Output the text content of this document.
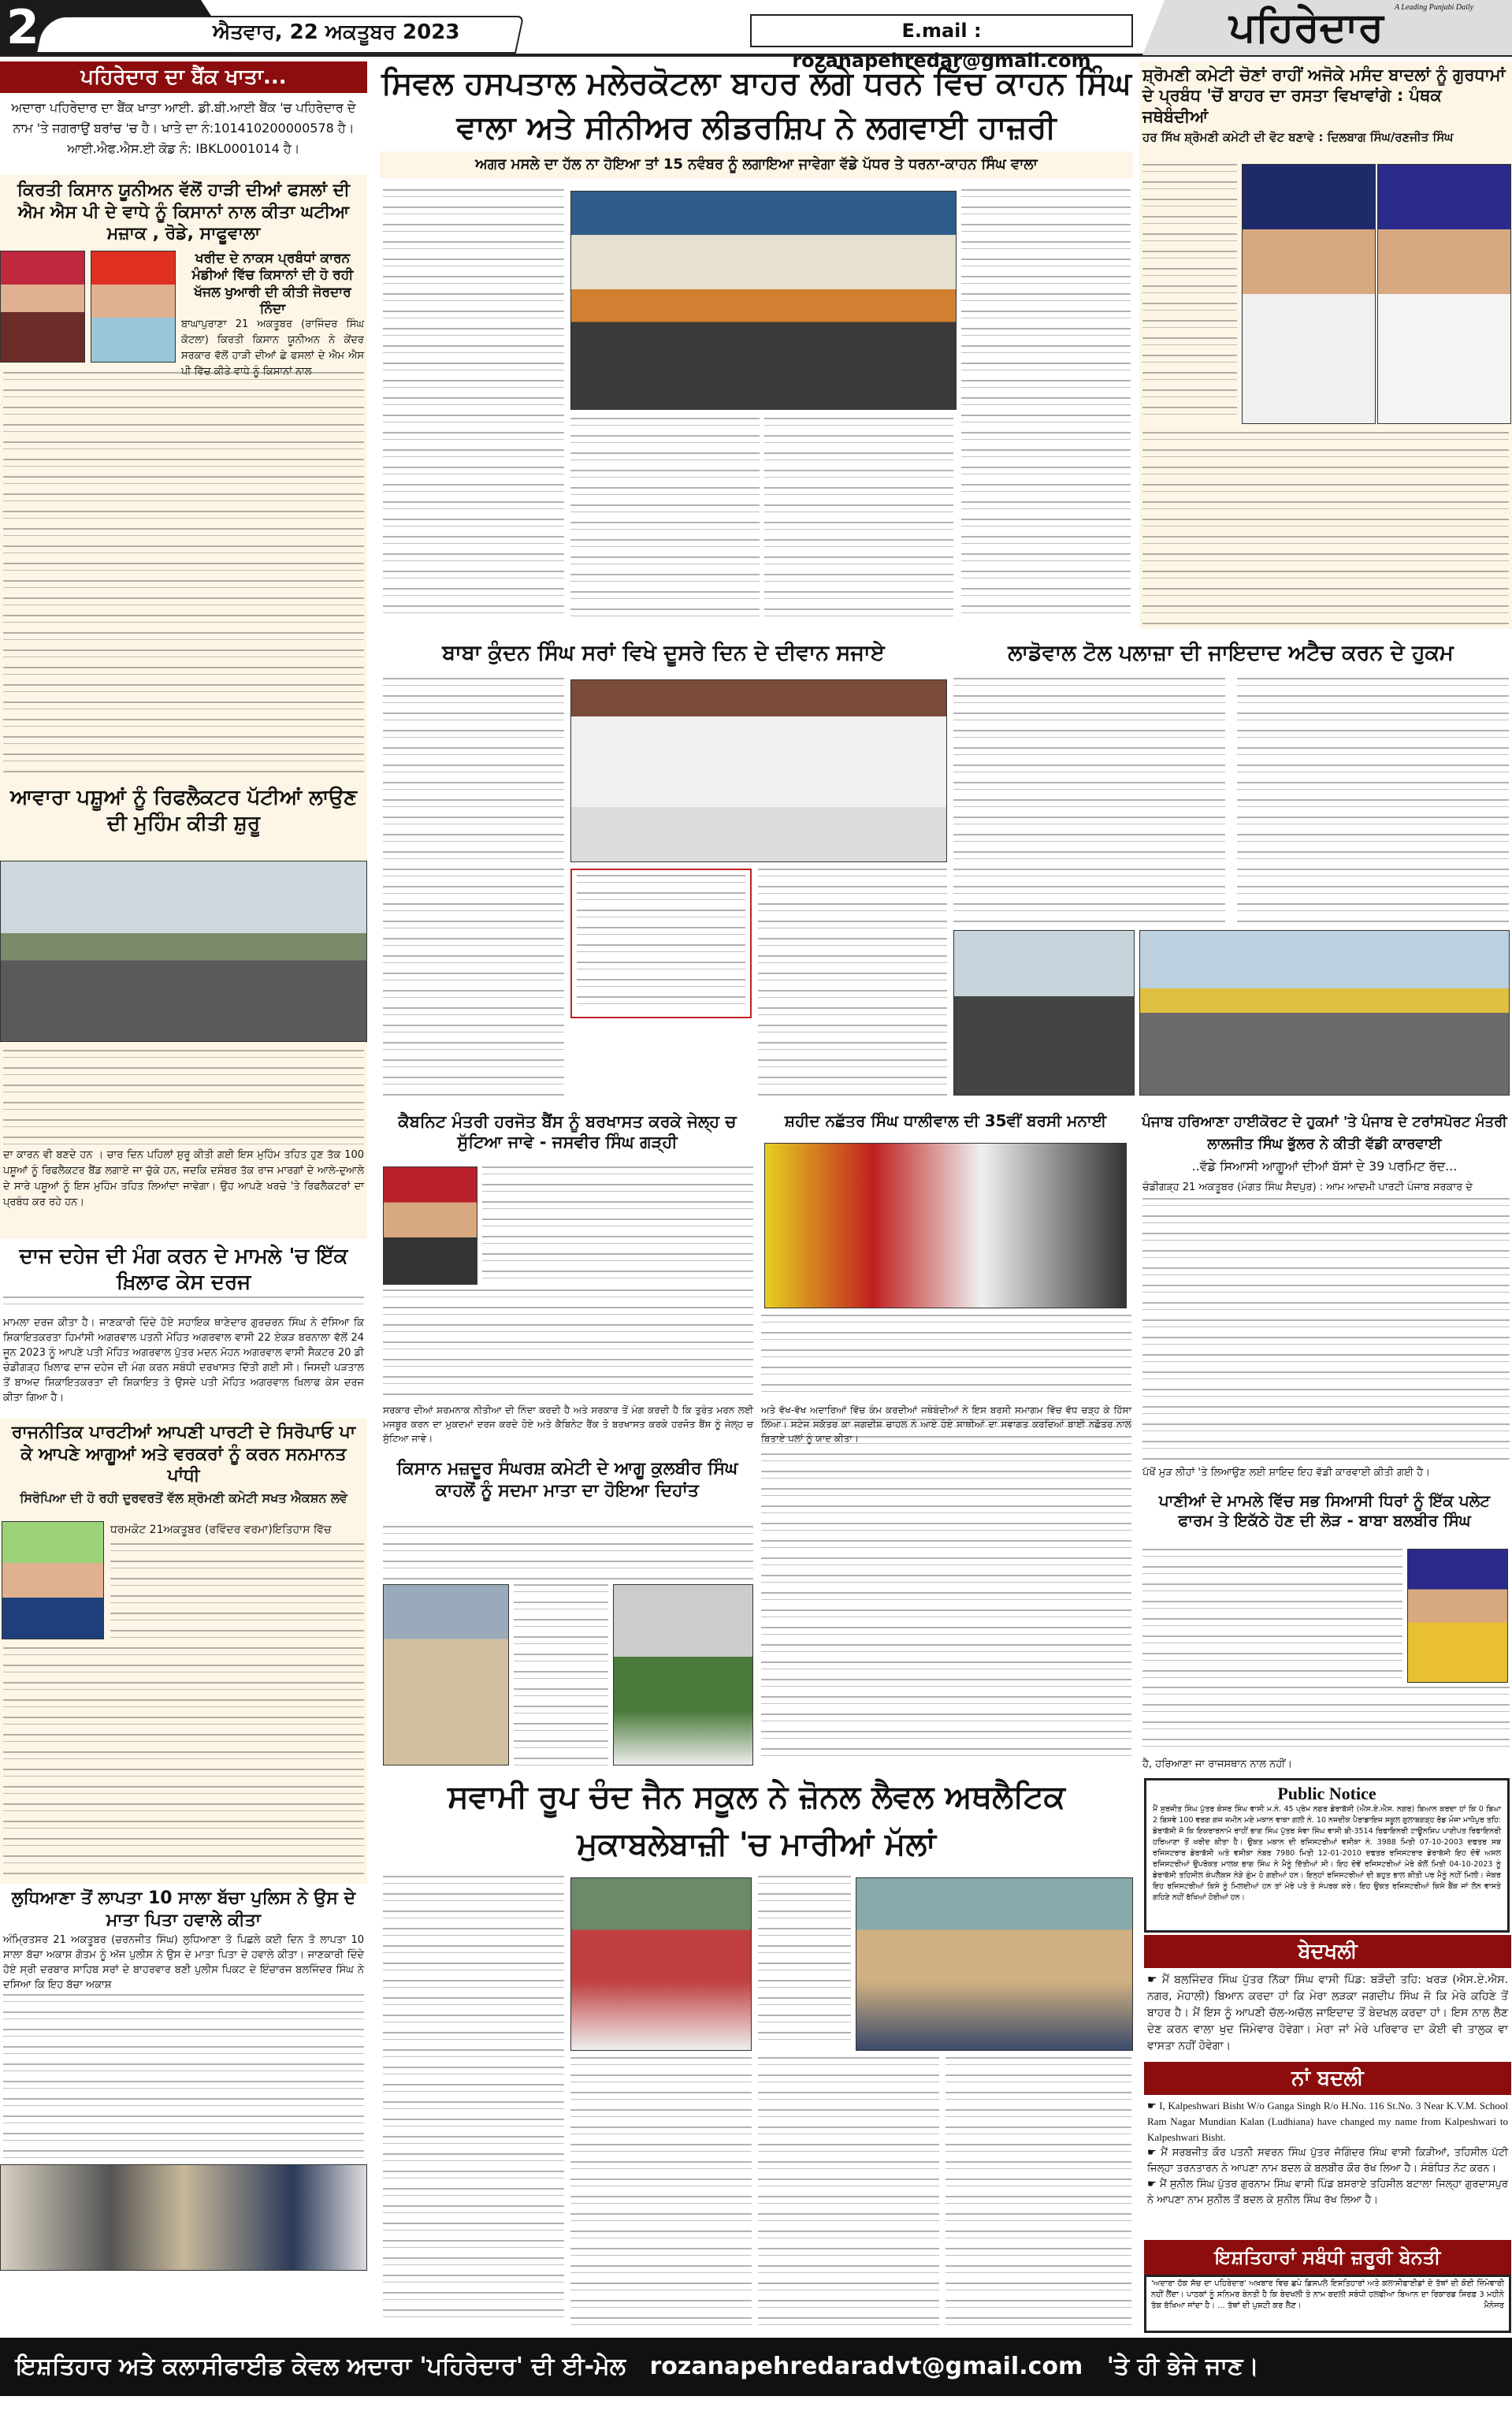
2	ਐਤਵਾਰ, 22 ਅਕਤੂਬਰ 2023	E.mail : rozanapehredar@gmail.com
ਪਹਿਰੇਦਾਰ A Leading Punjabi Daily
ਪਹਿਰੇਦਾਰ ਦਾ ਬੈਂਕ ਖਾਤਾ...
ਅਦਾਰਾ ਪਹਿਰੇਦਾਰ ਦਾ ਬੈਂਕ ਖਾਤਾ ਆਈ. ਡੀ.ਬੀ.ਆਈ ਬੈਂਕ 'ਚ ਪਹਿਰੇਦਾਰ ਦੇ ਨਾਮ 'ਤੇ ਜਗਰਾਉਂ ਬਰਾਂਚ 'ਚ ਹੈ। ਖਾਤੇ ਦਾ ਨੰ:101410200000578 ਹੈ। ਆਈ.ਐਫ.ਐਸ.ਈ ਕੋਡ ਨੰ: IBKL0001014 ਹੈ।
ਕਿਰਤੀ ਕਿਸਾਨ ਯੂਨੀਅਨ ਵੱਲੋਂ ਹਾੜੀ ਦੀਆਂ ਫਸਲਾਂ ਦੀ ਐਮ ਐਸ ਪੀ ਦੇ ਵਾਧੇ ਨੂੰ ਕਿਸਾਨਾਂ ਨਾਲ ਕੀਤਾ ਘਟੀਆ ਮਜ਼ਾਕ , ਰੋਡੇ, ਸਾਫੂਵਾਲਾ
ਖਰੀਦ ਦੇ ਨਾਕਸ ਪ੍ਰਬੰਧਾਂ ਕਾਰਨ ਮੰਡੀਆਂ ਵਿੱਚ ਕਿਸਾਨਾਂ ਦੀ ਹੋ ਰਹੀ ਖੱਜਲ ਖੁਆਰੀ ਦੀ ਕੀਤੀ ਜੋਰਦਾਰ ਨਿੰਦਾ
ਬਾਘਾਪੁਰਾਣਾ 21 ਅਕਤੂਬਰ (ਰਾਜਿੰਦਰ ਸਿੰਘ ਕੋਟਲਾ) ਕਿਰਤੀ ਕਿਸਾਨ ਯੂਨੀਅਨ ਨੇ ਕੇਂਦਰ ਸਰਕਾਰ ਵੱਲੋਂ ਹਾੜੀ ਦੀਆਂ ਛੇ ਫਸਲਾਂ ਦੇ ਐਮ ਐਸ ਪੀ ਵਿੱਚ ਕੀਤੇ ਵਾਧੇ ਨੂੰ ਕਿਸਾਨਾਂ ਨਾਲ
ਆਵਾਰਾ ਪਸ਼ੂਆਂ ਨੂੰ ਰਿਫਲੈਕਟਰ ਪੱਟੀਆਂ ਲਾਉਣ ਦੀ ਮੁਹਿੰਮ ਕੀਤੀ ਸ਼ੁਰੂ
ਦਾ ਕਾਰਨ ਵੀ ਬਣਦੇ ਹਨ । ਚਾਰ ਦਿਨ ਪਹਿਲਾਂ ਸ਼ੁਰੂ ਕੀਤੀ ਗਈ ਇਸ ਮੁਹਿੰਮ ਤਹਿਤ ਹੁਣ ਤੱਕ 100 ਪਸ਼ੂਆਂ ਨੂੰ ਰਿਫਲੈਕਟਰ ਬੈਂਡ ਲਗਾਏ ਜਾ ਚੁੱਕੇ ਹਨ, ਜਦਕਿ ਦਸੰਬਰ ਤੱਕ ਰਾਜ ਮਾਰਗਾਂ ਦੇ ਆਲੇ-ਦੁਆਲੇ ਦੇ ਸਾਰੇ ਪਸ਼ੂਆਂ ਨੂੰ ਇਸ ਮੁਹਿੰਮ ਤਹਿਤ ਲਿਆਂਦਾ ਜਾਵੇਗਾ। ਉਹ ਆਪਣੇ ਖਰਚੇ 'ਤੇ ਰਿਫਲੈਕਟਰਾਂ ਦਾ ਪ੍ਰਬੰਧ ਕਰ ਰਹੇ ਹਨ।
ਦਾਜ ਦਹੇਜ ਦੀ ਮੰਗ ਕਰਨ ਦੇ ਮਾਮਲੇ 'ਚ ਇੱਕ ਖ਼ਿਲਾਫ ਕੇਸ ਦਰਜ
ਮਾਮਲਾ ਦਰਜ ਕੀਤਾ ਹੈ। ਜਾਣਕਾਰੀ ਦਿੰਦੇ ਹੋਏ ਸਹਾਇਕ ਥਾਣੇਦਾਰ ਗੁਰਚਰਨ ਸਿੰਘ ਨੇ ਦੱਸਿਆ ਕਿ ਸ਼ਿਕਾਇਤਕਰਤਾ ਹਿਮਾਂਸੀ ਅਗਰਵਾਲ ਪਤਨੀ ਮੋਹਿਤ ਅਗਰਵਾਲ ਵਾਸੀ 22 ਏਕੜ ਬਰਨਾਲਾ ਵੱਲੋਂ 24 ਜੂਨ 2023 ਨੂੰ ਆਪਣੇ ਪਤੀ ਮੋਹਿਤ ਅਗਰਵਾਲ ਪੁੱਤਰ ਮਦਨ ਮੋਹਨ ਅਗਰਵਾਲ ਵਾਸੀ ਸੈਕਟਰ 20 ਡੀ ਚੰਡੀਗੜ੍ਹ ਖ਼ਿਲਾਫ ਦਾਜ ਦਹੇਜ ਦੀ ਮੰਗ ਕਰਨ ਸਬੰਧੀ ਦਰਖਾਸਤ ਦਿੱਤੀ ਗਈ ਸੀ। ਜਿਸਦੀ ਪੜਤਾਲ ਤੋਂ ਬਾਅਦ ਸ਼ਿਕਾਇਤਕਰਤਾ ਦੀ ਸ਼ਿਕਾਇਤ ਤੇ ਉਸਦੇ ਪਤੀ ਮੋਹਿਤ ਅਗਰਵਾਲ ਖ਼ਿਲਾਫ ਕੇਸ ਦਰਜ ਕੀਤਾ ਗਿਆ ਹੈ।
ਰਾਜਨੀਤਿਕ ਪਾਰਟੀਆਂ ਆਪਣੀ ਪਾਰਟੀ ਦੇ ਸਿਰੋਪਾਓ ਪਾ ਕੇ ਆਪਣੇ ਆਗੂਆਂ ਅਤੇ ਵਰਕਰਾਂ ਨੂੰ ਕਰਨ ਸਨਮਾਨਤ ਪਾਂਧੀ
ਸਿਰੋਪਿਆ ਦੀ ਹੋ ਰਹੀ ਦੁਰਵਰਤੋਂ ਵੱਲ ਸ਼੍ਰੋਮਣੀ ਕਮੇਟੀ ਸਖਤ ਐਕਸ਼ਨ ਲਵੇ
ਧਰਮਕੋਟ 21ਅਕਤੂਬਰ (ਰਵਿੰਦਰ ਵਰਮਾ)ਇਤਿਹਾਸ ਵਿੱਚ
ਲੁਧਿਆਣਾ ਤੋਂ ਲਾਪਤਾ 10 ਸਾਲਾ ਬੱਚਾ ਪੁਲਿਸ ਨੇ ਉਸ ਦੇ ਮਾਤਾ ਪਿਤਾ ਹਵਾਲੇ ਕੀਤਾ
ਅੰਮ੍ਰਿਤਸਰ 21 ਅਕਤੂਬਰ (ਚਰਨਜੀਤ ਸਿੰਘ) ਲੁਧਿਆਣਾ ਤੋ ਪਿਛਲੇ ਕਈ ਦਿਨ ਤੋ ਲਾਪਤਾ 10 ਸਾਲਾ ਬੱਚਾ ਅਕਾਸ਼ ਗੋਤਮ ਨੂੰ ਅੱਜ ਪੁਲੀਸ ਨੇ ਉਸ ਦੇ ਮਾਤਾ ਪਿਤਾ ਦੇ ਹਵਾਲੇ ਕੀਤਾ। ਜਾਣਕਾਰੀ ਦਿੰਦੇ ਹੋਏ ਸ੍ਰੀ ਦਰਬਾਰ ਸਾਹਿਬ ਸਰਾਂ ਦੇ ਬਾਹਰਵਾਰ ਬਣੀ ਪੁਲੀਸ ਪਿਕਟ ਦੇ ਇੰਚਾਰਜ ਬਲਜਿੰਦਰ ਸਿੰਘ ਨੇ ਦਸਿਆ ਕਿ ਇਹ ਬੱਚਾ ਅਕਾਸ਼
ਸਿਵਲ ਹਸਪਤਾਲ ਮਲੇਰਕੋਟਲਾ ਬਾਹਰ ਲੱਗੇ ਧਰਨੇ ਵਿੱਚ ਕਾਹਨ ਸਿੰਘ ਵਾਲਾ ਅਤੇ ਸੀਨੀਅਰ ਲੀਡਰਸ਼ਿਪ ਨੇ ਲਗਵਾਈ ਹਾਜ਼ਰੀ
ਅਗਰ ਮਸਲੇ ਦਾ ਹੱਲ ਨਾ ਹੋਇਆ ਤਾਂ 15 ਨਵੰਬਰ ਨੂੰ ਲਗਾਇਆ ਜਾਵੇਗਾ ਵੱਡੇ ਪੱਧਰ ਤੇ ਧਰਨਾ-ਕਾਹਨ ਸਿੰਘ ਵਾਲਾ
ਸ਼੍ਰੋਮਣੀ ਕਮੇਟੀ ਚੋਣਾਂ ਰਾਹੀਂ ਅਜੋਕੇ ਮਸੰਦ ਬਾਦਲਾਂ ਨੂੰ ਗੁਰਧਾਮਾਂ ਦੇ ਪ੍ਰਬੰਧ 'ਚੋਂ ਬਾਹਰ ਦਾ ਰਸਤਾ ਵਿਖਾਵਾਂਗੇ : ਪੰਥਕ ਜਥੇਬੰਦੀਆਂ
ਹਰ ਸਿੱਖ ਸ਼੍ਰੋਮਣੀ ਕਮੇਟੀ ਦੀ ਵੋਟ ਬਣਾਵੇ : ਦਿਲਬਾਗ ਸਿੰਘ/ਰਣਜੀਤ ਸਿੰਘ
ਬਾਬਾ ਕੁੰਦਨ ਸਿੰਘ ਸਰਾਂ ਵਿਖੇ ਦੂਸਰੇ ਦਿਨ ਦੇ ਦੀਵਾਨ ਸਜਾਏ	ਲਾਡੋਵਾਲ ਟੋਲ ਪਲਾਜ਼ਾ ਦੀ ਜਾਇਦਾਦ ਅਟੈਚ ਕਰਨ ਦੇ ਹੁਕਮ
ਕੈਬਨਿਟ ਮੰਤਰੀ ਹਰਜੋਤ ਬੈਂਸ ਨੂੰ ਬਰਖਾਸਤ ਕਰਕੇ ਜੇਲ੍ਹ ਚ ਸੁੱਟਿਆ ਜਾਵੇ - ਜਸਵੀਰ ਸਿੰਘ ਗੜ੍ਹੀ
ਸਰਕਾਰ ਦੀਆਂ ਸ਼ਰਮਨਾਕ ਨੀਤੀਆ ਦੀ ਨਿੰਦਾ ਕਰਦੀ ਹੈ ਅਤੇ ਸਰਕਾਰ ਤੋਂ ਮੰਗ ਕਰਦੀ ਹੈ ਕਿ ਤੁਰੰਤ ਮਰਨ ਲਈ ਮਜਬੂਰ ਕਰਨ ਦਾ ਮੁਕਦਮਾਂ ਦਰਜ ਕਰਦੇ ਹੋਏ ਅਤੇ ਕੈਬਿਨੇਟ ਰੈਂਕ ਤੋ ਬਰਖਾਸਤ ਕਰਕੇ ਹਰਜੋਤ ਬੈਂਸ ਨੂੰ ਜੇਲ੍ਹ ਚ ਸੁੱਟਿਆ ਜਾਵੇ।
ਸ਼ਹੀਦ ਨਛੱਤਰ ਸਿੰਘ ਧਾਲੀਵਾਲ ਦੀ 35ਵੀਂ ਬਰਸੀ ਮਨਾਈ
ਅਤੇ ਵੱਖ-ਵੱਖ ਅਦਾਰਿਆਂ ਵਿੱਚ ਕੰਮ ਕਰਦੀਆਂ ਜਥੇਬੰਦੀਆਂ ਨੇ ਇਸ ਬਰਸੀ ਸਮਾਗਮ ਵਿੱਚ ਵੱਧ ਚੜ੍ਹ ਕੇ ਹਿੱਸਾ ਲਿਆ। ਸਟੇਜ ਸਕੱਤਰ ਕਾ ਜਗਦੀਸ਼ ਚਾਹਲ ਨੇ ਆਏ ਹੋਏ ਸਾਥੀਆਂ ਦਾ ਸਵਾਗਤ ਕਰਦਿਆਂ ਬਾਈ ਨਛੱਤਰ ਨਾਲ ਬਿਤਾਏ ਪਲਾਂ ਨੂੰ ਯਾਦ ਕੀਤਾ।
ਪੰਜਾਬ ਹਰਿਆਣਾ ਹਾਈਕੋਰਟ ਦੇ ਹੁਕਮਾਂ 'ਤੇ ਪੰਜਾਬ ਦੇ ਟਰਾਂਸਪੋਰਟ ਮੰਤਰੀ ਲਾਲਜੀਤ ਸਿੰਘ ਭੁੱਲਰ ਨੇ ਕੀਤੀ ਵੱਡੀ ਕਾਰਵਾਈ
..ਵੱਡੇ ਸਿਆਸੀ ਆਗੂਆਂ ਦੀਆਂ ਬੱਸਾਂ ਦੇ 39 ਪਰਮਿਟ ਰੱਦ...
ਚੰਡੀਗੜ੍ਹ 21 ਅਕਤੂਬਰ (ਮੰਗਤ ਸਿੰਘ ਸੈਦਪੁਰ) : ਆਮ ਆਦਮੀ ਪਾਰਟੀ ਪੰਜਾਬ ਸਰਕਾਰ ਦੇ
ਪੱਖੋਂ ਮੁੜ ਲੀਹਾਂ 'ਤੇ ਲਿਆਉਣ ਲਈ ਸ਼ਾਇਦ ਇਹ ਵੱਡੀ ਕਾਰਵਾਈ ਕੀਤੀ ਗਈ ਹੈ।
ਕਿਸਾਨ ਮਜ਼ਦੂਰ ਸੰਘਰਸ਼ ਕਮੇਟੀ ਦੇ ਆਗੂ ਕੁਲਬੀਰ ਸਿੰਘ ਕਾਹਲੋਂ ਨੂੰ ਸਦਮਾ ਮਾਤਾ ਦਾ ਹੋਇਆ ਦਿਹਾਂਤ
ਪਾਣੀਆਂ ਦੇ ਮਾਮਲੇ ਵਿੱਚ ਸਭ ਸਿਆਸੀ ਧਿਰਾਂ ਨੂੰ ਇੱਕ ਪਲੇਟ ਫਾਰਮ ਤੇ ਇਕੱਠੇ ਹੋਣ ਦੀ ਲੋੜ - ਬਾਬਾ ਬਲਬੀਰ ਸਿੰਘ
ਹੈ, ਹਰਿਆਣਾ ਜਾ ਰਾਜਸਥਾਨ ਨਾਲ ਨਹੀਂ।
ਸਵਾਮੀ ਰੂਪ ਚੰਦ ਜੈਨ ਸਕੂਲ ਨੇ ਜ਼ੋਨਲ ਲੈਵਲ ਅਥਲੈਟਿਕ ਮੁਕਾਬਲੇਬਾਜ਼ੀ 'ਚ ਮਾਰੀਆਂ ਮੱਲਾਂ
Public Notice
ਮੈਂ ਸੁਰਜੀਤ ਸਿੰਘ ਪੁੱਤਰ ਕੇਸਰ ਸਿੰਘ ਵਾਸੀ ਮ.ਨੰ. 45 ਪ੍ਰੇਮ ਨਗਰ ਡੇਰਾਬੱਸੀ (ਐਸ.ਏ.ਐਸ. ਨਗਰ) ਬਿਆਨ ਕਰਦਾ ਹਾਂ ਕਿ 0 ਬਿਘਾ 2 ਬਿਸਵੇ 100 ਵਰਗ ਗਜ ਜਮੀਨ ਮਏ ਮਕਾਨ ਵਾਕਾ ਗਲੀ ਨੰ. 10 ਨਜਦੀਕ ਪੈਰਾਡਾਇਜ ਸਕੂਲ ਗੁਲਾਬਗੜ੍ਹ ਰੋਡ ਮੌਜਾ ਮਾਧੋਪੁਰ ਤਹਿ: ਡੇਰਾਬੱਸੀ ਜੋ ਕਿ ਇਕਰਾਰਨਾਮੇ ਰਾਹੀਂ ਭਾਗ ਸਿੰਘ ਪੁੱਤਰ ਸੇਵਾ ਸਿੰਘ ਵਾਸੀ ਬੀ-3514 ਰਿਫਾਇਨਰੀ ਟਾਊਨਸ਼ਿਪ ਪਾਣੀਪਤ ਰਿਫਾਇਨਰੀ ਹਰਿਆਣਾ ਤੋਂ ਖਰੀਦ ਕੀਤਾ ਹੈ। ਉਕਤ ਮਕਾਨ ਦੀ ਰਜਿਸਟਰੀਆਂ ਵਸੀਕਾ ਨੰ. 3988 ਮਿਤੀ 07-10-2003 ਦਫਤਰ ਸਬ ਰਜਿਸਟਰਾਰ ਡੇਰਾਬੱਸੀ ਅਤੇ ਵਸੀਕਾ ਨੰਬਰ 7980 ਮਿਤੀ 12-01-2010 ਦਫਤਰ ਰਜਿਸਟਰਾਰ ਡੇਰਾਬੱਸੀ ਇਹ ਦੋਵੇਂ ਅਸਲ ਰਜਿਸਟਰੀਆਂ ਉਪਰੋਕਤ ਮਾਲਕ ਭਾਗ ਸਿੰਘ ਨੇ ਮੈਨੂੰ ਦਿੱਤੀਆਂ ਸੀ। ਇਹ ਦੋਵੇਂ ਰਜਿਸਟਰੀਆਂ ਮੇਰੇ ਕੋਲੋਂ ਮਿਤੀ 04-10-2023 ਨੂੰ ਡੇਰਾਬੱਸੀ ਤਹਿਸੀਲ ਕੰਪਲੈਕਸ ਨੇੜੇ ਗੁੰਮ ਹੋ ਗਈਆਂ ਹਨ। ਇਨ੍ਹਾਂ ਰਜਿਸਟਰੀਆਂ ਦੀ ਬਹੁਤ ਭਾਲ ਕੀਤੀ ਪਰ ਮੈਨੂੰ ਨਹੀਂ ਮਿਲੀ। ਜੇਕਰ ਇਹ ਰਜਿਸਟਰੀਆਂ ਕਿਸੇ ਨੂੰ ਮਿਲਦੀਆਂ ਹਨ ਤਾਂ ਮੇਰੇ ਪਤੇ ਤੇ ਸੰਪਰਕ ਕਰੇ। ਇਹ ਉਕਤ ਰਜਿਸਟਰੀਆਂ ਕਿਸੇ ਬੈਂਕ ਜਾਂ ਲੋਨ ਵਾਸਤੇ ਗਹਿਣੇ ਨਹੀਂ ਰੱਖਿਆਂ ਹੋਈਆਂ ਹਨ।
ਬੇਦਖਲੀ
☛ ਮੈਂ ਬਲਜਿੰਦਰ ਸਿੰਘ ਪੁੱਤਰ ਨਿੱਕਾ ਸਿੰਘ ਵਾਸੀ ਪਿੰਡ: ਬੜੌਦੀ ਤਹਿ: ਖਰੜ (ਐਸ.ਏ.ਐਸ. ਨਗਰ, ਮੋਹਾਲੀ) ਬਿਆਨ ਕਰਦਾ ਹਾਂ ਕਿ ਮੇਰਾ ਲੜਕਾ ਜਗਦੀਪ ਸਿੰਘ ਜੋ ਕਿ ਮੇਰੇ ਕਹਿਣੇ ਤੋਂ ਬਾਹਰ ਹੈ। ਮੈਂ ਇਸ ਨੂੰ ਆਪਣੀ ਚੱਲ-ਅਚੱਲ ਜਾਇਦਾਦ ਤੋਂ ਬੇਦਖਲ ਕਰਦਾ ਹਾਂ। ਇਸ ਨਾਲ ਲੈਣ ਦੇਣ ਕਰਨ ਵਾਲਾ ਖੁਦ ਜਿੰਮੇਵਾਰ ਹੋਵੇਗਾ। ਮੇਰਾ ਜਾਂ ਮੇਰੇ ਪਰਿਵਾਰ ਦਾ ਕੋਈ ਵੀ ਤਾਲੁਕ ਵਾ ਵਾਸਤਾ ਨਹੀਂ ਹੋਵੇਗਾ।
ਨਾਂ ਬਦਲੀ
☛ I, Kalpeshwari Bisht W/o Ganga Singh R/o H.No. 116 St.No. 3 Near K.V.M. School Ram Nagar Mundian Kalan (Ludhiana) have changed my name from Kalpeshwari to Kalpeshwari Bisht.
☛ ਮੈਂ ਸਰਬਜੀਤ ਕੌਰ ਪਤਨੀ ਸਵਰਨ ਸਿੰਘ ਪੁੱਤਰ ਜੋਗਿੰਦਰ ਸਿੰਘ ਵਾਸੀ ਕਿੜੀਆਂ, ਤਹਿਸੀਲ ਪੱਟੀ ਜਿਲ੍ਹਾ ਤਰਨਤਾਰਨ ਨੇ ਆਪਣਾ ਨਾਮ ਬਦਲ ਕੇ ਬਲਬੀਰ ਕੌਰ ਰੱਖ ਲਿਆ ਹੈ। ਸੰਬੰਧਿਤ ਨੋਟ ਕਰਨ।
☛ ਮੈਂ ਸੁਨੀਲ ਸਿੰਘ ਪੁੱਤਰ ਗੁਰਨਾਮ ਸਿੰਘ ਵਾਸੀ ਪਿੰਡ ਬਸਰਾਏ ਤਹਿਸੀਲ ਬਟਾਲਾ ਜਿਲ੍ਹਾ ਗੁਰਦਾਸਪੁਰ ਨੇ ਆਪਣਾ ਨਾਮ ਸੁਨੀਲ ਤੋਂ ਬਦਲ ਕੇ ਸੁਨੀਲ ਸਿੰਘ ਰੱਖ ਲਿਆ ਹੈ।
ਇਸ਼ਤਿਹਾਰਾਂ ਸਬੰਧੀ ਜ਼ਰੂਰੀ ਬੇਨਤੀ
'ਅਦਾਰਾ ਹੱਕ ਸੱਚ ਦਾ ਪਹਿਰੇਦਾਰ' ਅਖ਼ਬਾਰ ਵਿਚ ਛਪੇ ਡਿਸਪਲੇ ਇਸ਼ਤਿਹਾਰਾਂ ਅਤੇ ਕਲਾਸੀਫਾਈਡਾਂ ਦੇ ਤੱਥਾਂ ਦੀ ਕੋਈ ਜ਼ਿੰਮੇਵਾਰੀ ਨਹੀਂ ਲੈਂਦਾ। ਪਾਠਕਾਂ ਨੂੰ ਸਨਿਮਰ ਬੇਨਤੀ ਹੈ ਕਿ ਬੇਦਖਲੀ ਤੇ ਨਾਮ ਬਦਲੀ ਸਬੰਧੀ ਹਲਫੀਆ ਬਿਆਨ ਦਾ ਰਿਕਾਰਡ ਸਿਰਫ਼ 3 ਮਹੀਨੇ ਤੱਕ ਰੱਖਿਆ ਜਾਂਦਾ ਹੈ। ... ਤੱਥਾਂ ਦੀ ਪੁਸ਼ਟੀ ਕਰ ਲੈਣ।	ਮੈਨੇਜਰ
ਇਸ਼ਤਿਹਾਰ ਅਤੇ ਕਲਾਸੀਫਾਈਡ ਕੇਵਲ ਅਦਾਰਾ 'ਪਹਿਰੇਦਾਰ' ਦੀ ਈ-ਮੇਲ rozanapehredaradvt@gmail.com 'ਤੇ ਹੀ ਭੇਜੇ ਜਾਣ।
